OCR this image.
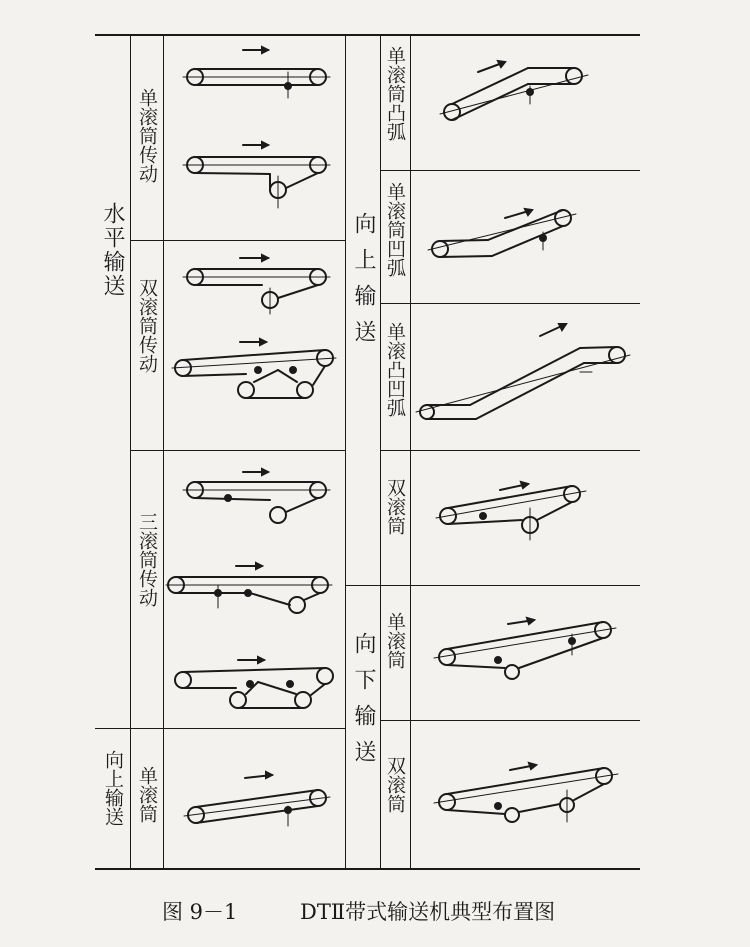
水平输送
向上输送
单滚筒传动
双滚筒传动
三滚筒传动
单滚筒
向上输送
向下输送
单滚筒凸弧
单滚筒凹弧
单滚凸凹弧
双滚筒
单滚筒
双滚筒
图 9－1	DTⅡ带式输送机典型布置图
